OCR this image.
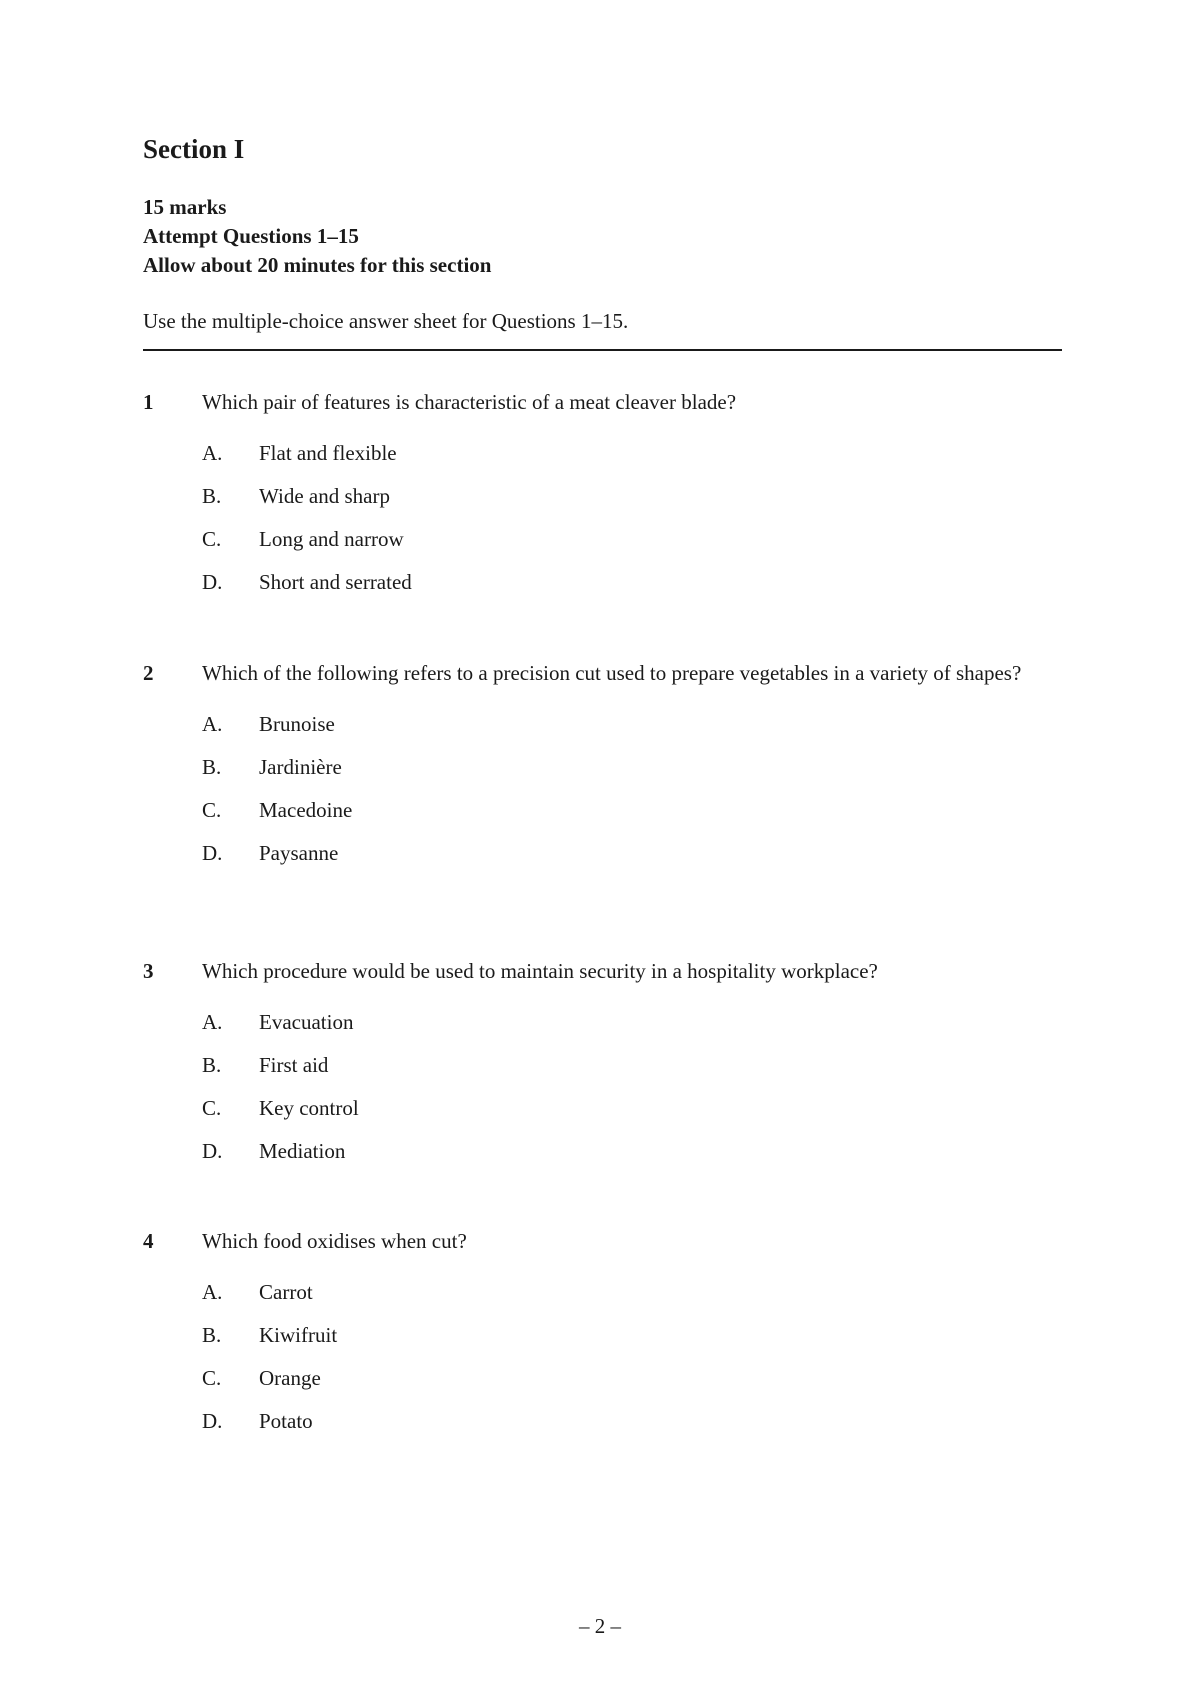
Section I
15 marks
Attempt Questions 1–15
Allow about 20 minutes for this section
Use the multiple-choice answer sheet for Questions 1–15.
1 Which pair of features is characteristic of a meat cleaver blade?
A.	Flat and flexible
B.	Wide and sharp
C.	Long and narrow
D.	Short and serrated
2 Which of the following refers to a precision cut used to prepare vegetables in a variety of shapes?
A.	Brunoise
B.	Jardinière
C.	Macedoine
D.	Paysanne
3 Which procedure would be used to maintain security in a hospitality workplace?
A.	Evacuation
B.	First aid
C.	Key control
D.	Mediation
4 Which food oxidises when cut?
A.	Carrot
B.	Kiwifruit
C.	Orange
D.	Potato
– 2 –
